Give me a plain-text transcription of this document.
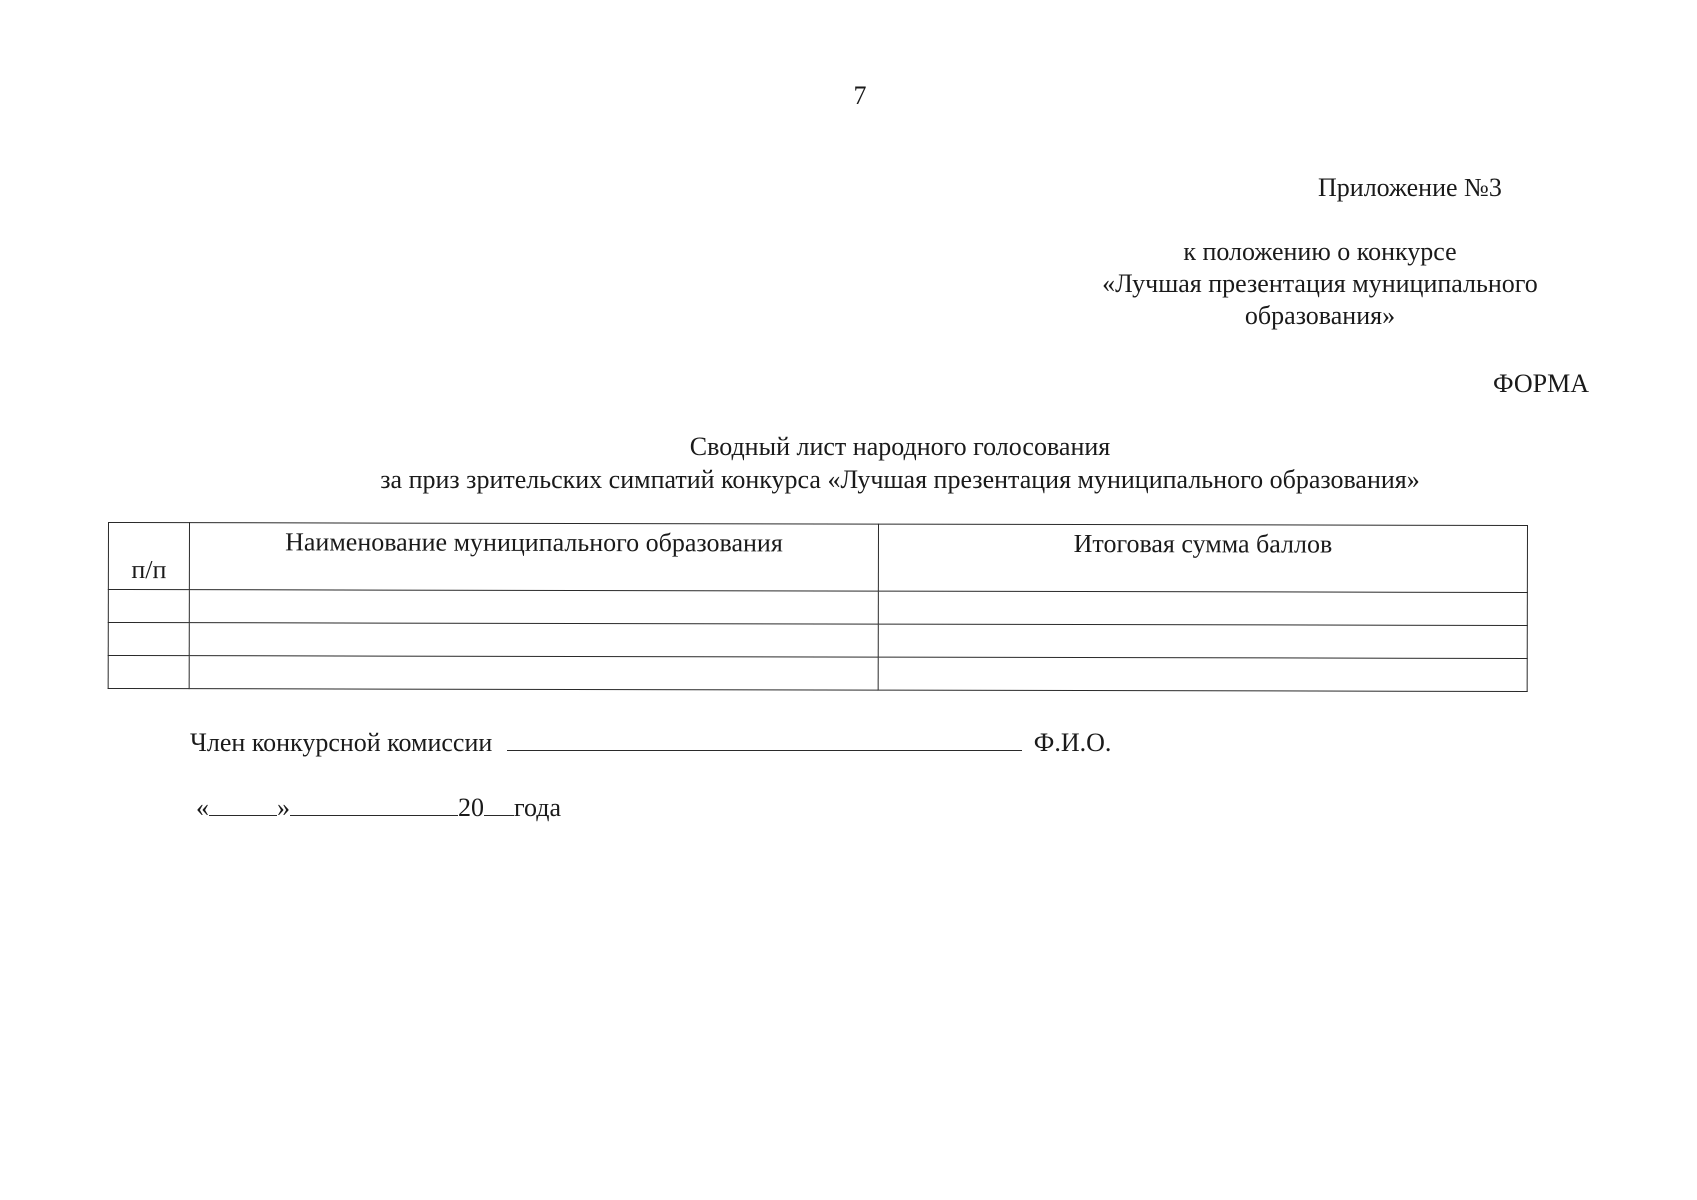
7
Приложение №3
к положению о конкурсе
«Лучшая презентация муниципального
образования»
ФОРМА
Сводный лист народного голосования
за приз зрительских симпатий конкурса «Лучшая презентация муниципального образования»
п/п	Наименование муниципального образования	Итоговая сумма баллов

Член конкурсной комиссии	Ф.И.О.
«	»	20 года
